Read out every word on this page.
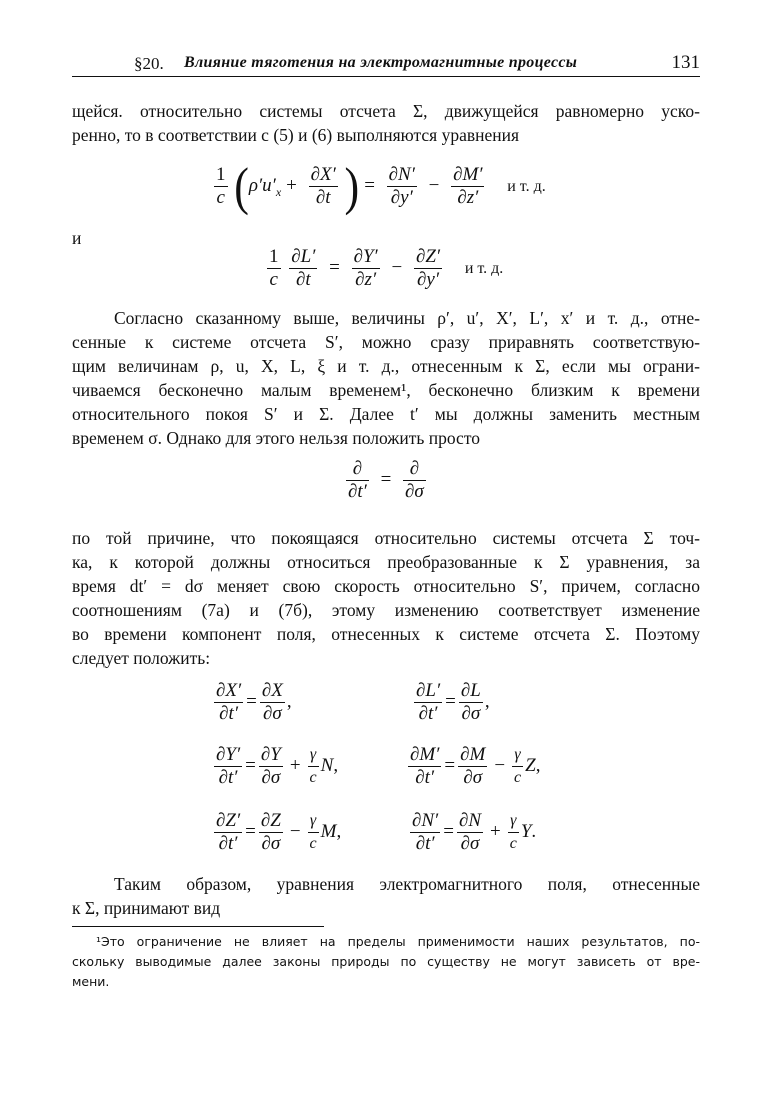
§20. Влияние тяготения на электромагнитные процессы	131
щейся. относительно системы отсчета Σ, движущейся равномерно уско-
ренно, то в соответствии с (5) и (6) выполняются уравнения
$\frac{1}{c} (\rho'u'_x + \frac{\partial X'}{\partial t}$ ) = $\frac{\partial N'}{\partial y'} - \frac{\partial M'}{\partial z'}$ и т. д.
и
$\frac{1}{c}$
$\frac{\partial L'}{\partial t} = \frac{\partial Y'}{\partial z'} - \frac{\partial Z'}{\partial y'}$ и т. д.
Согласно сказанному выше, величины ρ′, u′, X′, L′, x′ и т. д., отне-
сенные к системе отсчета S′, можно сразу приравнять соответствую-
щим величинам ρ, u, X, L, ξ и т. д., отнесенным к Σ, если мы ограни-
чиваемся бесконечно малым временем¹, бесконечно близким к времени
относительного покоя S′ и Σ. Далее t′ мы должны заменить местным
временем σ. Однако для этого нельзя положить просто
$\frac{\partial}{\partial t'} = \frac{\partial}{\partial\sigma}$
по той причине, что покоящаяся относительно системы отсчета Σ точ-
ка, к которой должны относиться преобразованные к Σ уравнения, за
время dt′ = dσ меняет свою скорость относительно S′, причем, согласно
соотношениям (7а) и (7б), этому изменению соответствует изменение
во времени компонент поля, отнесенных к системе отсчета Σ. Поэтому
следует положить:
$\frac{\partial X'}{\partial t'} = \frac{\partial X}{\partial\sigma}$ ,	$\frac{\partial L'}{\partial t'} = \frac{\partial L}{\partial\sigma}$ ,
$\frac{\partial Y'}{\partial t'} = \frac{\partial Y}{\partial\sigma} + \frac{\gamma}{c} N$,	$\frac{\partial M'}{\partial t'} = \frac{\partial M}{\partial\sigma} - \frac{\gamma}{c} Z$,
$\frac{\partial Z'}{\partial t'} = \frac{\partial Z}{\partial\sigma} - \frac{\gamma}{c} M$,	$\frac{\partial N'}{\partial t'} = \frac{\partial N}{\partial\sigma} + \frac{\gamma}{c} Y$.
Таким образом, уравнения электромагнитного поля, отнесенные
к Σ, принимают вид
¹Это ограничение не влияет на пределы применимости наших результатов, по-
скольку выводимые далее законы природы по существу не могут зависеть от вре-
мени.
